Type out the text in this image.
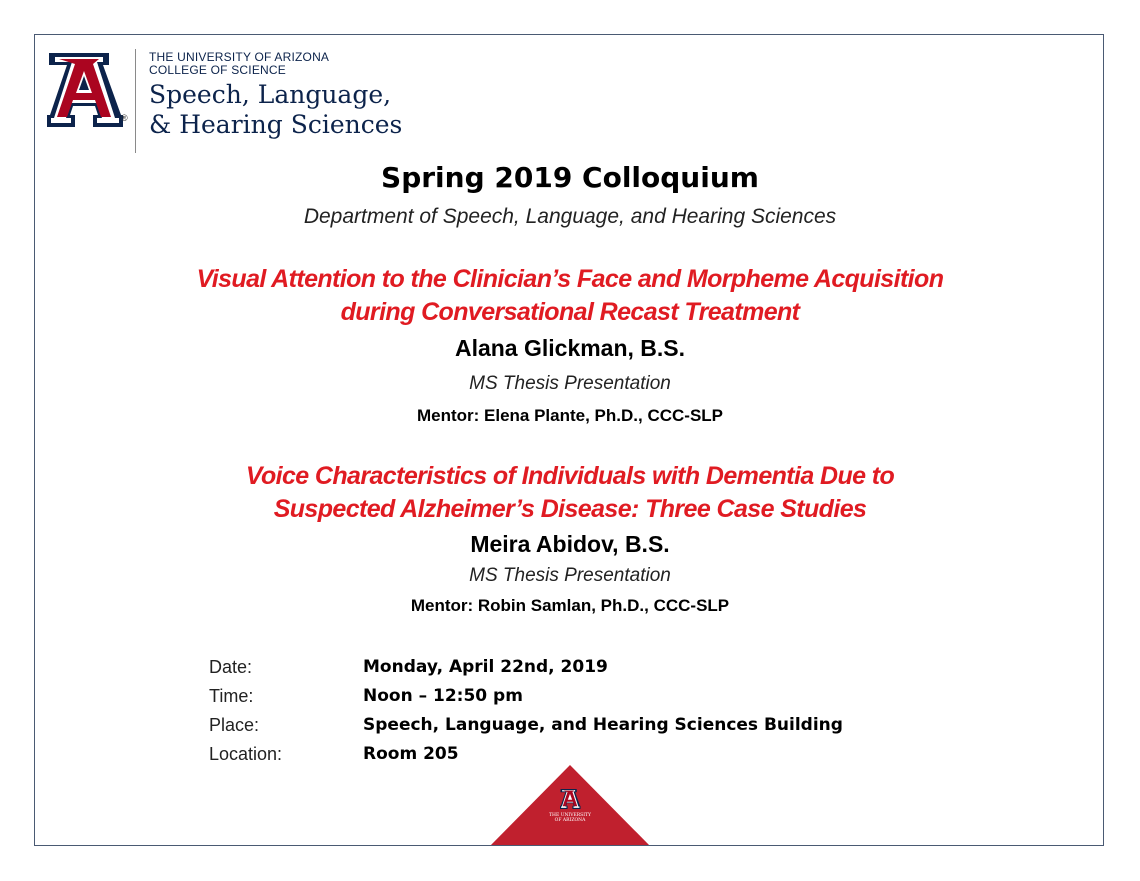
®
THE UNIVERSITY OF ARIZONA
COLLEGE OF SCIENCE
Speech, Language,
& Hearing Sciences
Spring 2019 Colloquium
Department of Speech, Language, and Hearing Sciences
Visual Attention to the Clinician’s Face and Morpheme Acquisition
during Conversational Recast Treatment
Alana Glickman, B.S.
MS Thesis Presentation
Mentor: Elena Plante, Ph.D., CCC-SLP
Voice Characteristics of Individuals with Dementia Due to
Suspected Alzheimer’s Disease: Three Case Studies
Meira Abidov, B.S.
MS Thesis Presentation
Mentor: Robin Samlan, Ph.D., CCC-SLP
Date:	Monday, April 22nd, 2019
Time:	Noon – 12:50 pm
Place:	Speech, Language, and Hearing Sciences Building
Location:	Room 205
THE UNIVERSITY
OF ARIZONA
